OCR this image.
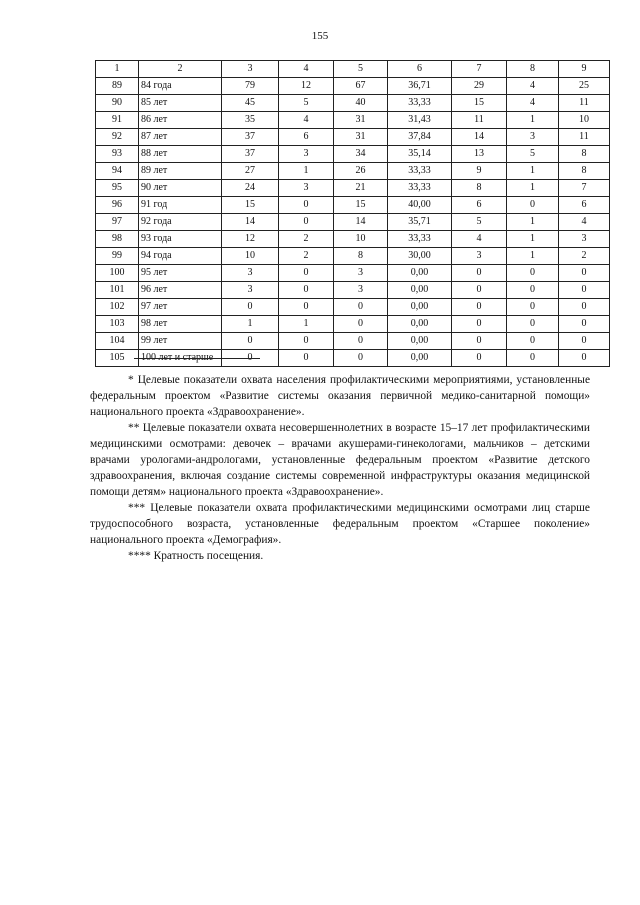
155
1	2	3	4	5	6	7	8	9
89	84 года	79	12	67	36,71	29	4	25
90	85 лет	45	5	40	33,33	15	4	11
91	86 лет	35	4	31	31,43	11	1	10
92	87 лет	37	6	31	37,84	14	3	11
93	88 лет	37	3	34	35,14	13	5	8
94	89 лет	27	1	26	33,33	9	1	8
95	90 лет	24	3	21	33,33	8	1	7
96	91 год	15	0	15	40,00	6	0	6
97	92 года	14	0	14	35,71	5	1	4
98	93 года	12	2	10	33,33	4	1	3
99	94 года	10	2	8	30,00	3	1	2
100	95 лет	3	0	3	0,00	0	0	0
101	96 лет	3	0	3	0,00	0	0	0
102	97 лет	0	0	0	0,00	0	0	0
103	98 лет	1	1	0	0,00	0	0	0
104	99 лет	0	0	0	0,00	0	0	0
105	100 лет и старше	0	0	0	0,00	0	0	0

* Целевые показатели охвата населения профилактическими мероприятиями, установленные федеральным проектом «Развитие системы оказания первичной медико-санитарной помощи» национального проекта «Здравоохранение».

** Целевые показатели охвата несовершеннолетних в возрасте 15–17 лет профилактическими медицинскими осмотрами: девочек – врачами акушерами-гинекологами, мальчиков – детскими врачами урологами-андрологами, установленные федеральным проектом «Развитие детского здравоохранения, включая создание системы современной инфраструктуры оказания медицинской помощи детям» национального проекта «Здравоохранение».

*** Целевые показатели охвата профилактическими медицинскими осмотрами лиц старше трудоспособного возраста, установленные федеральным проектом «Старшее поколение» национального проекта «Демография».

**** Кратность посещения.
